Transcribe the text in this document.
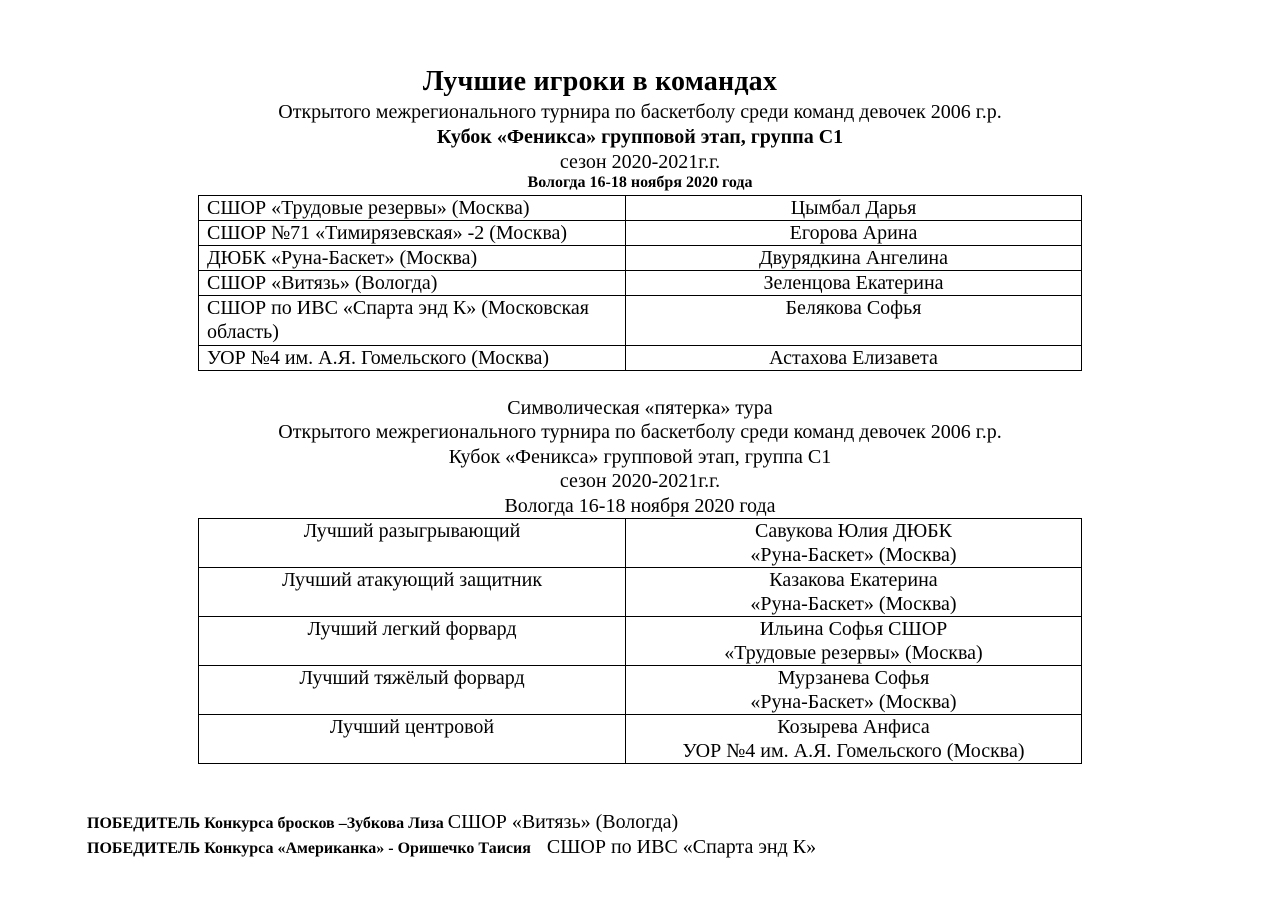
Лучшие игроки в командах
Открытого межрегионального турнира по баскетболу среди команд девочек 2006 г.р.
Кубок «Феникса» групповой этап, группа С1
сезон 2020-2021г.г.
Вологда 16-18 ноября 2020 года
СШОР «Трудовые резервы» (Москва)	Цымбал Дарья
СШОР №71 «Тимирязевская» -2 (Москва)	Егорова Арина
ДЮБК «Руна-Баскет» (Москва)	Двурядкина Ангелина
СШОР «Витязь» (Вологда)	Зеленцова Екатерина
СШОР по ИВС «Спарта энд К» (Московская область)	Белякова Софья
УОР №4 им. А.Я. Гомельского (Москва)	Астахова Елизавета
Символическая «пятерка» тура
Открытого межрегионального турнира по баскетболу среди команд девочек 2006 г.р.
Кубок «Феникса» групповой этап, группа С1
сезон 2020-2021г.г.
Вологда 16-18 ноября 2020 года
Лучший разыгрывающий	Савукова Юлия ДЮБК
«Руна-Баскет» (Москва)

Лучший атакующий защитник	Казакова Екатерина
«Руна-Баскет» (Москва)

Лучший легкий форвард	Ильина Софья СШОР
«Трудовые резервы» (Москва)

Лучший тяжёлый форвард	Мурзанева Софья
«Руна-Баскет» (Москва)

Лучший центровой	Козырева Анфиса
УОР №4 им. А.Я. Гомельского (Москва)
ПОБЕДИТЕЛЬ Конкурса бросков –Зубкова Лиза СШОР «Витязь» (Вологда)
ПОБЕДИТЕЛЬ Конкурса «Американка» - Оришечко Таисия СШОР по ИВС «Спарта энд К»
